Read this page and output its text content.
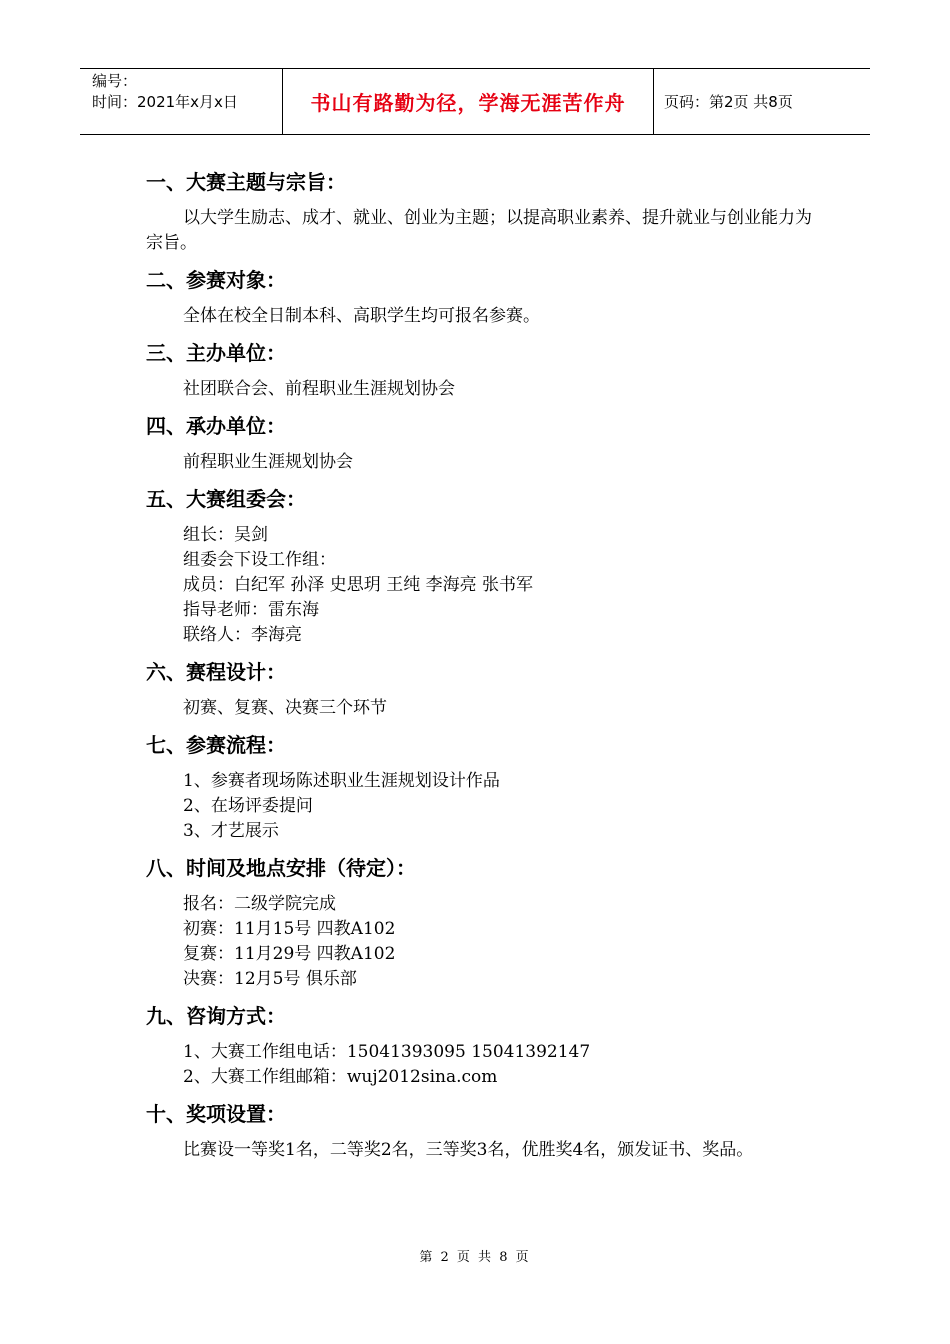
编号：
时间：2021年x月x日	书山有路勤为径，学海无涯苦作舟	页码：第2页 共8页
一、大赛主题与宗旨：
以大学生励志、成才、就业、创业为主题；以提高职业素养、提升就业与创业能力为宗旨。
二、参赛对象：
全体在校全日制本科、高职学生均可报名参赛。
三、主办单位：
社团联合会、前程职业生涯规划协会
四、承办单位：
前程职业生涯规划协会
五、大赛组委会：
组长：吴剑
组委会下设工作组：
成员：白纪军 孙泽 史思玥 王纯 李海亮 张书军
指导老师：雷东海
联络人：李海亮
六、赛程设计：
初赛、复赛、决赛三个环节
七、参赛流程：
1、参赛者现场陈述职业生涯规划设计作品
2、在场评委提问
3、才艺展示
八、时间及地点安排（待定）：
报名：二级学院完成
初赛：11月15号 四教A102
复赛：11月29号 四教A102
决赛：12月5号 俱乐部
九、咨询方式：
1、大赛工作组电话：15041393095 15041392147
2、大赛工作组邮箱：wuj2012sina.com
十、奖项设置：
比赛设一等奖1名，二等奖2名，三等奖3名，优胜奖4名，颁发证书、奖品。
第 2 页 共 8 页
